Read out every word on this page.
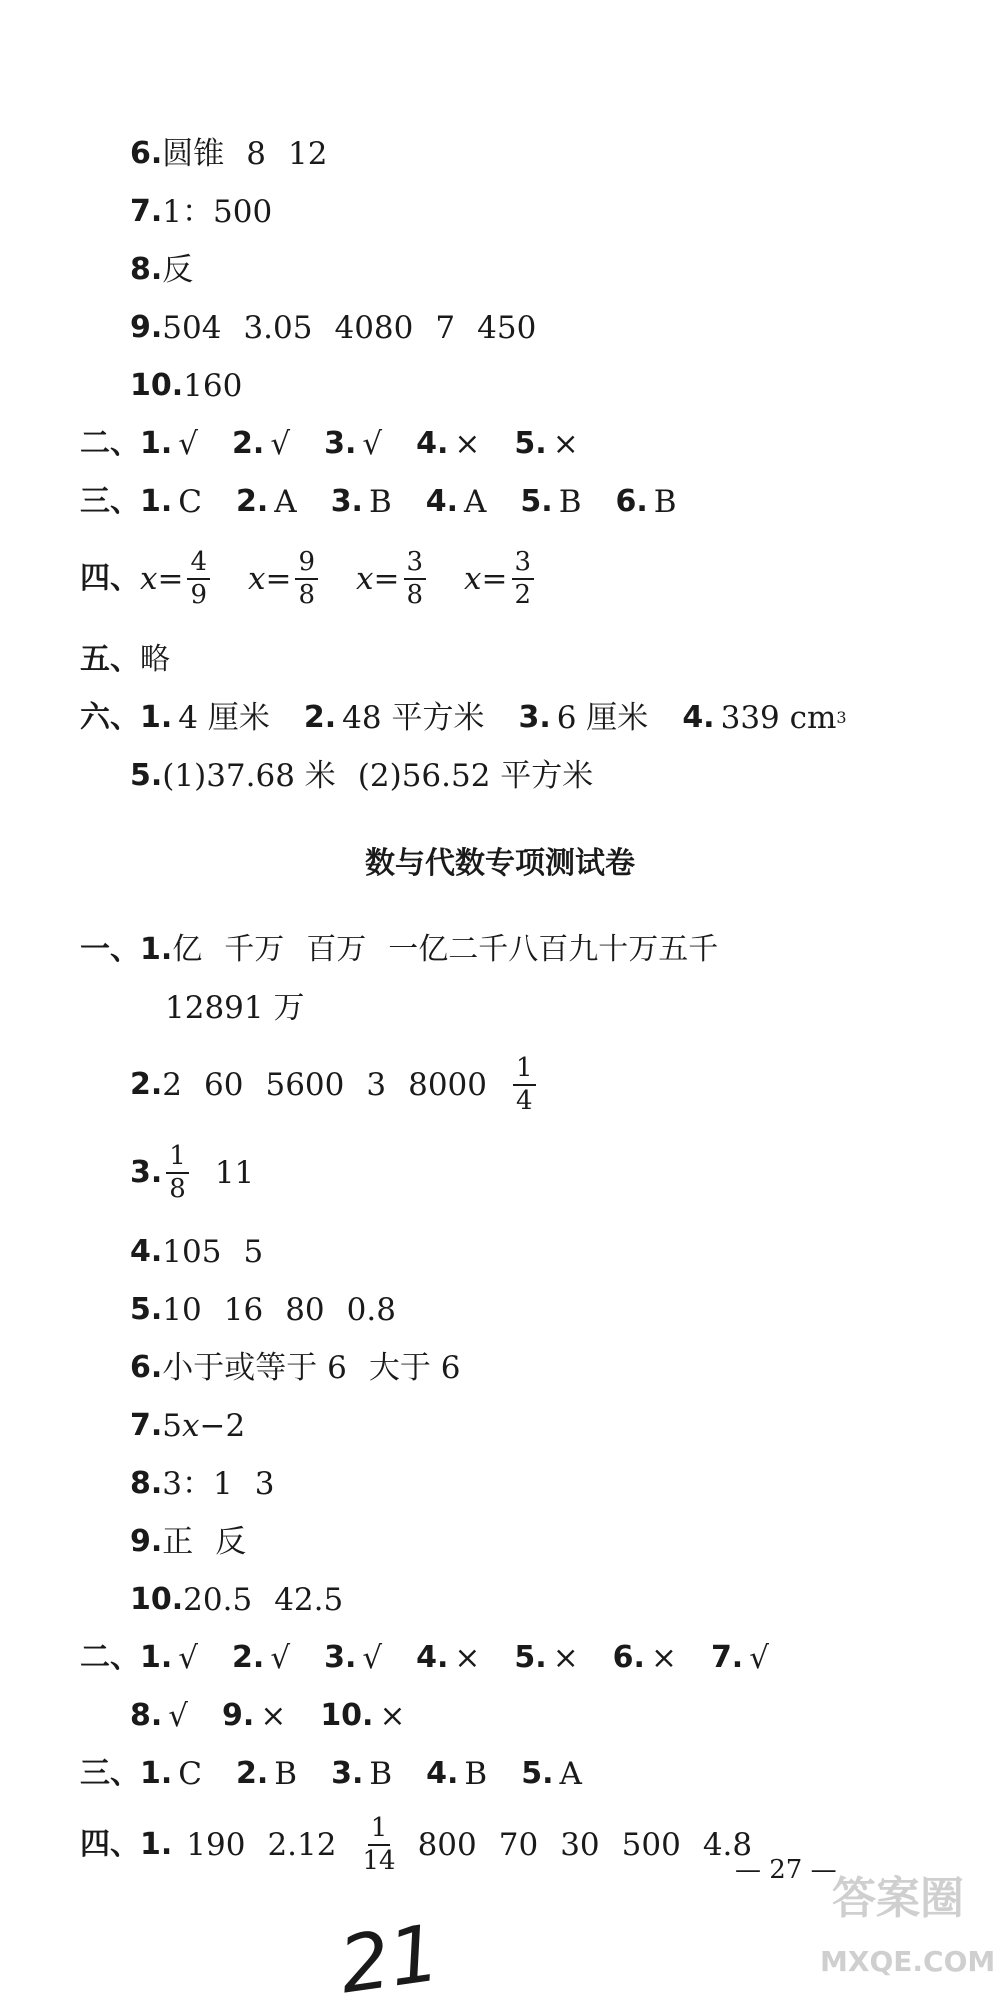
6. 圆锥 8 12
7. 1：500
8. 反
9. 504 3.05 4080 7 450
10. 160
二、 1. √ 2. √ 3. √ 4. × 5. ×
三、 1. C 2. A 3. B 4. A 5. B 6. B
四、 $x = \frac{4}{9}$ $x = \frac{9}{8}$ $x = \frac{3}{8}$ $x = \frac{3}{2}$
五、 略
六、 1. 4 厘米 2. 48 平方米 3. 6 厘米 4. 339 cm 3
5. (1)37.68 米 (2)56.52 平方米
数与代数专项测试卷
一、 1. 亿 千万 百万 一亿二千八百九十万五千
12891 万
2. 2 60 5600 3 $8000 \frac{1}{4}$
3. $\frac{1}{8} 11$
4. 105 5
5. 10 16 80 0.8
6. 小于或等于 6 大于 6
7. 5 x −2
8. 3：1 3
9. 正 反
10. 20.5 42.5
二、 1. √ 2. √ 3. √ 4. × 5. × 6. × 7. √
8. √ 9. × 10. ×
三、 1. C 2. B 3. B 4. B 5. A
四、 1. 190 $2.12 \frac{1}{14} 800$ 70 30 500 4.8
— 27 —
答案圈
MXQE.COM
21
